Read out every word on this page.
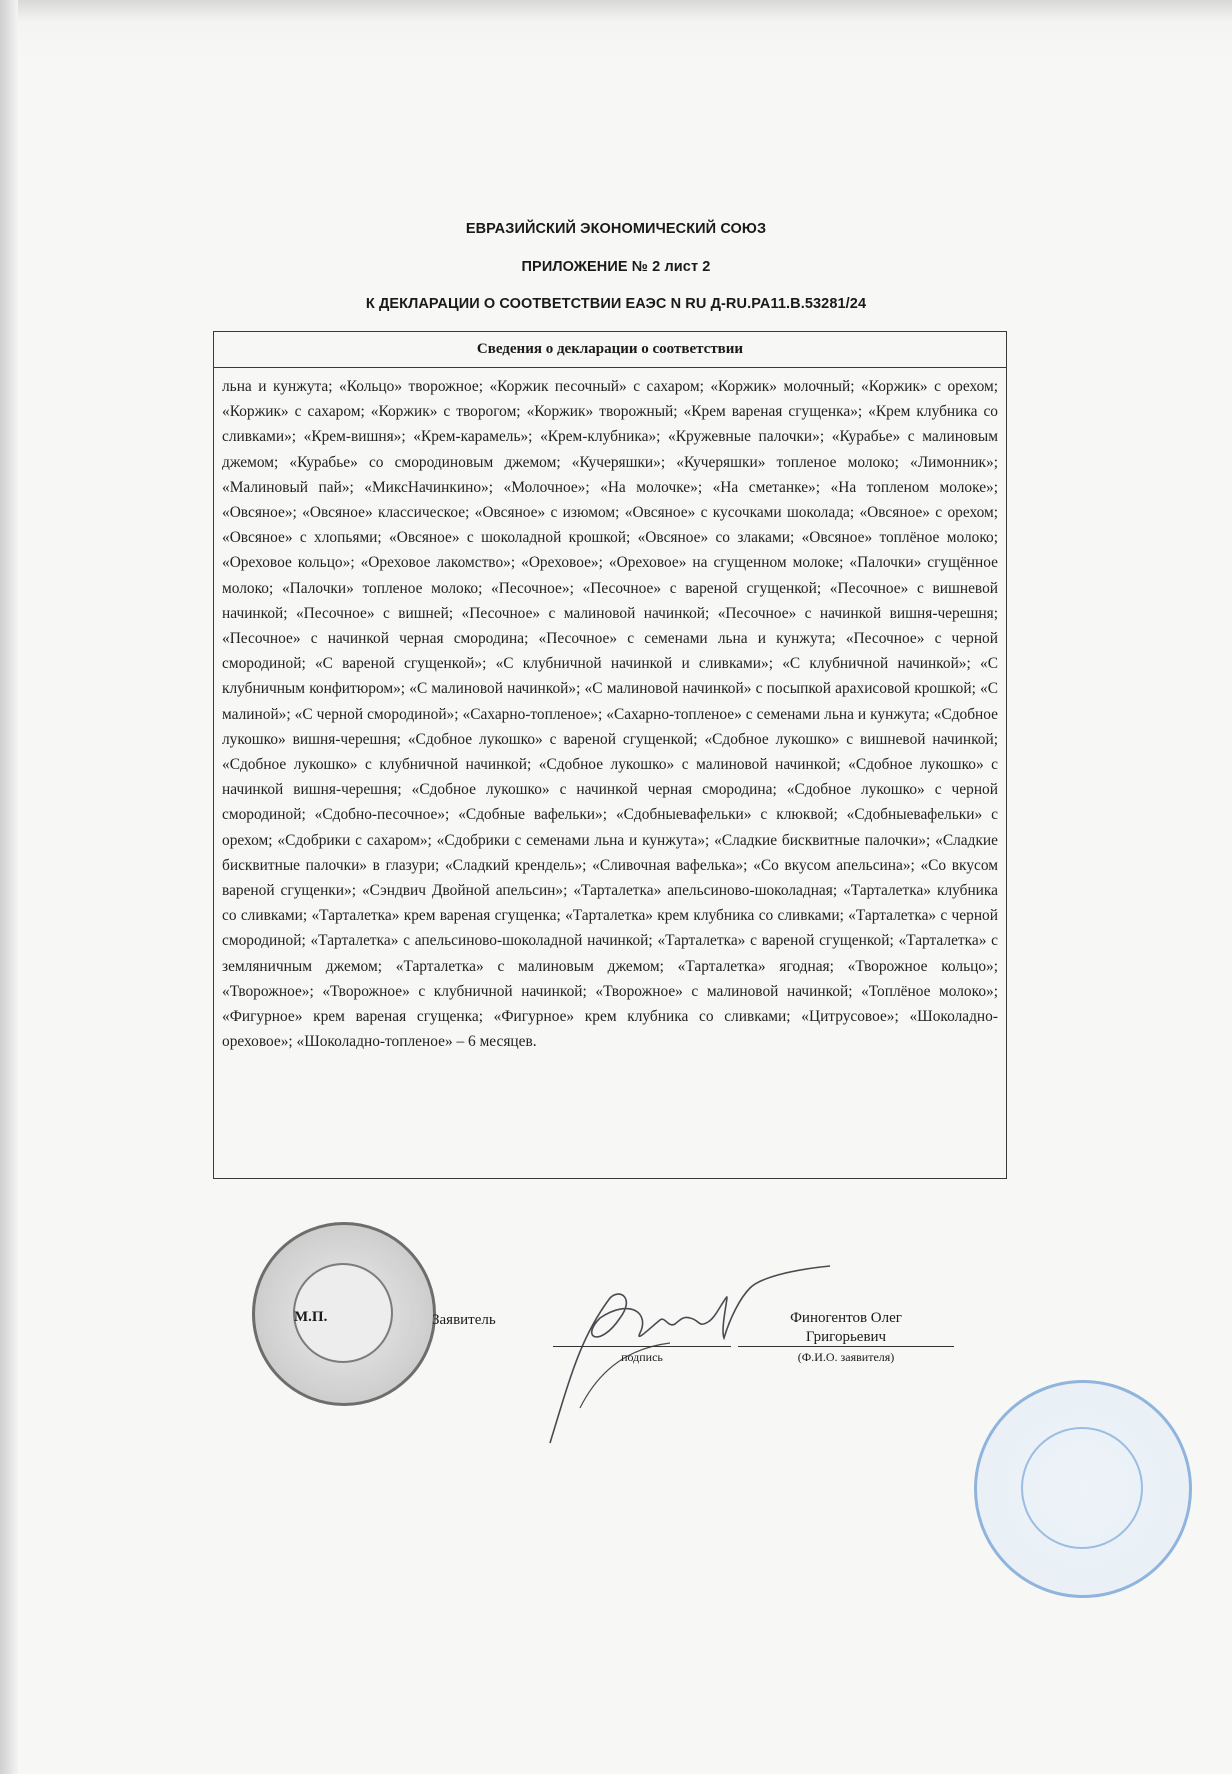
ЕВРАЗИЙСКИЙ ЭКОНОМИЧЕСКИЙ СОЮЗ
ПРИЛОЖЕНИЕ № 2 лист 2
К ДЕКЛАРАЦИИ О СООТВЕТСТВИИ ЕАЭС N RU Д-RU.PA11.B.53281/24
Сведения о декларации о соответствии
льна и кунжута; «Кольцо» творожное; «Коржик песочный» с сахаром; «Коржик» молочный; «Коржик» с орехом; «Коржик» с сахаром; «Коржик» с творогом; «Коржик» творожный; «Крем вареная сгущенка»; «Крем клубника со сливками»; «Крем-вишня»; «Крем-карамель»; «Крем-клубника»; «Кружевные палочки»; «Курабье» с малиновым джемом; «Курабье» со смородиновым джемом; «Кучеряшки»; «Кучеряшки» топленое молоко; «Лимонник»; «Малиновый пай»; «МиксНачинкино»; «Молочное»; «На молочке»; «На сметанке»; «На топленом молоке»; «Овсяное»; «Овсяное» классическое; «Овсяное» с изюмом; «Овсяное» с кусочками шоколада; «Овсяное» с орехом; «Овсяное» с хлопьями; «Овсяное» с шоколадной крошкой; «Овсяное» со злаками; «Овсяное» топлёное молоко; «Ореховое кольцо»; «Ореховое лакомство»; «Ореховое»; «Ореховое» на сгущенном молоке; «Палочки» сгущённое молоко; «Палочки» топленое молоко; «Песочное»; «Песочное» с вареной сгущенкой; «Песочное» с вишневой начинкой; «Песочное» с вишней; «Песочное» с малиновой начинкой; «Песочное» с начинкой вишня-черешня; «Песочное» с начинкой черная смородина; «Песочное» с семенами льна и кунжута; «Песочное» с черной смородиной; «С вареной сгущенкой»; «С клубничной начинкой и сливками»; «С клубничной начинкой»; «С клубничным конфитюром»; «С малиновой начинкой»; «С малиновой начинкой» с посыпкой арахисовой крошкой; «С малиной»; «С черной смородиной»; «Сахарно-топленое»; «Сахарно-топленое» с семенами льна и кунжута; «Сдобное лукошко» вишня-черешня; «Сдобное лукошко» с вареной сгущенкой; «Сдобное лукошко» с вишневой начинкой; «Сдобное лукошко» с клубничной начинкой; «Сдобное лукошко» с малиновой начинкой; «Сдобное лукошко» с начинкой вишня-черешня; «Сдобное лукошко» с начинкой черная смородина; «Сдобное лукошко» с черной смородиной; «Сдобно-песочное»; «Сдобные вафельки»; «Сдобныевафельки» с клюквой; «Сдобныевафельки» с орехом; «Сдобрики с сахаром»; «Сдобрики с семенами льна и кунжута»; «Сладкие бисквитные палочки»; «Сладкие бисквитные палочки» в глазури; «Сладкий крендель»; «Сливочная вафелька»; «Со вкусом апельсина»; «Со вкусом вареной сгущенки»; «Сэндвич Двойной апельсин»; «Тарталетка» апельсиново-шоколадная; «Тарталетка» клубника со сливками; «Тарталетка» крем вареная сгущенка; «Тарталетка» крем клубника со сливками; «Тарталетка» с черной смородиной; «Тарталетка» с апельсиново-шоколадной начинкой; «Тарталетка» с вареной сгущенкой; «Тарталетка» с земляничным джемом; «Тарталетка» с малиновым джемом; «Тарталетка» ягодная; «Творожное кольцо»; «Творожное»; «Творожное» с клубничной начинкой; «Творожное» с малиновой начинкой; «Топлёное молоко»; «Фигурное» крем вареная сгущенка; «Фигурное» крем клубника со сливками; «Цитрусовое»; «Шоколадно-ореховое»; «Шоколадно-топленое» – 6 месяцев.
М.П.	Заявитель
подпись
Финогентов Олег
Григорьевич
(Ф.И.О. заявителя)
